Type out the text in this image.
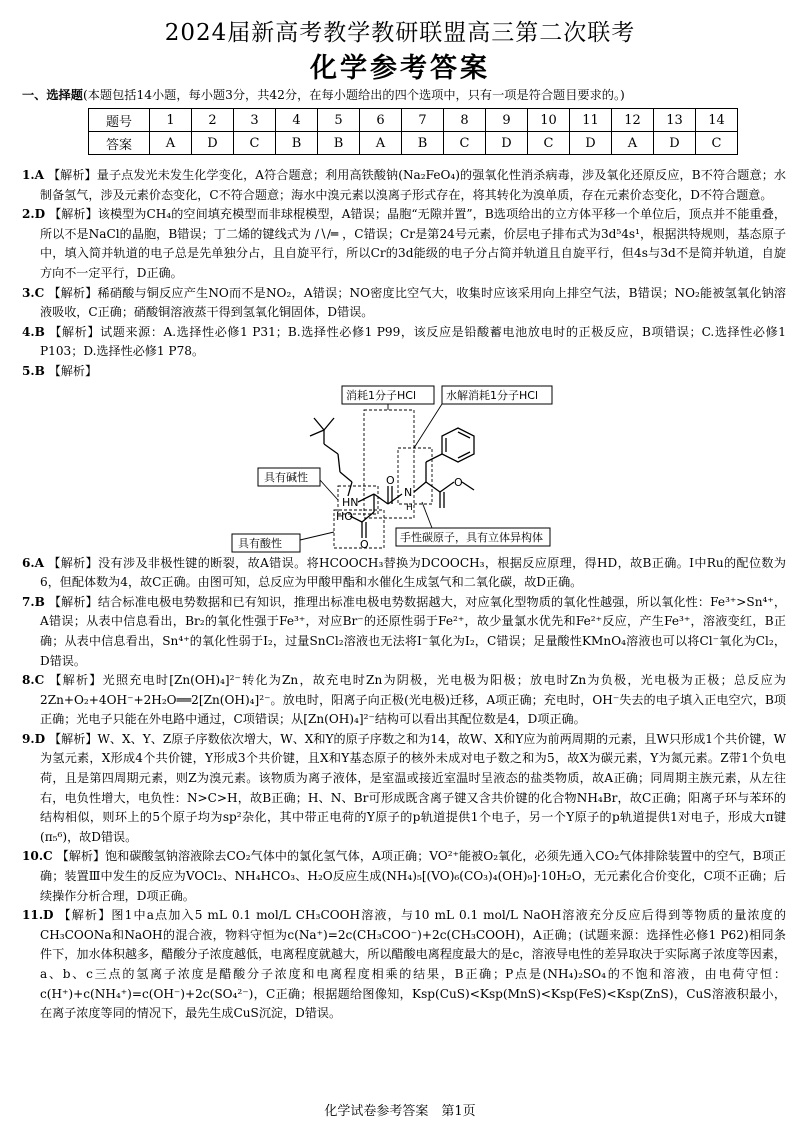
2024届新高考教学教研联盟高三第二次联考
化学参考答案
一、选择题(本题包括14小题，每小题3分，共42分，在每小题给出的四个选项中，只有一项是符合题目要求的。)
题号	1	2	3	4	5	6	7	8	9	10	11	12	13	14
答案	A	D	C	B	B	A	B	C	D	C	D	A	D	C

1.A 【解析】量子点发光未发生化学变化，A符合题意；利用高铁酸钠(Na₂FeO₄)的强氧化性消杀病毒，涉及氧化还原反应，B不符合题意；水制备氢气，涉及元素价态变化，C不符合题意；海水中溴元素以溴离子形式存在，将其转化为溴单质，存在元素价态变化，D不符合题意。

2.D 【解析】该模型为CH₄的空间填充模型而非球棍模型，A错误；晶胞“无隙并置”，B选项给出的立方体平移一个单位后，顶点并不能重叠，所以不是NaCl的晶胞，B错误；丁二烯的键线式为 ∕∖∕═ ，C错误；Cr是第24号元素，价层电子排布式为3d⁵4s¹，根据洪特规则，基态原子中，填入简并轨道的电子总是先单独分占，且自旋平行，所以Cr的3d能级的电子分占简并轨道且自旋平行，但4s与3d不是简并轨道，自旋方向不一定平行，D正确。

3.C 【解析】稀硝酸与铜反应产生NO而不是NO₂，A错误；NO密度比空气大，收集时应该采用向上排空气法，B错误；NO₂能被氢氧化钠溶液吸收，C正确；硝酸铜溶液蒸干得到氢氧化铜固体，D错误。

4.B 【解析】试题来源：A.选择性必修1 P31；B.选择性必修1 P99，该反应是铅酸蓄电池放电时的正极反应，B项错误；C.选择性必修1 P103；D.选择性必修1 P78。

5.B 【解析】

消耗1分子HCl	水解消耗1分子HCl
具有碱性
具有酸性	手性碳原子，具有立体异构体
HN
N
H
O	O
O
HO

6.A 【解析】没有涉及非极性键的断裂，故A错误。将HCOOCH₃替换为DCOOCH₃，根据反应原理，得HD，故B正确。Ⅰ中Ru的配位数为6，但配体数为4，故C正确。由图可知，总反应为甲酸甲酯和水催化生成氢气和二氧化碳，故D正确。

7.B 【解析】结合标准电极电势数据和已有知识，推理出标准电极电势数据越大，对应氧化型物质的氧化性越强，所以氧化性：Fe³⁺>Sn⁴⁺，A错误；从表中信息看出，Br₂的氧化性强于Fe³⁺，对应Br⁻的还原性弱于Fe²⁺，故少量氯水优先和Fe²⁺反应，产生Fe³⁺，溶液变红，B正确；从表中信息看出，Sn⁴⁺的氧化性弱于I₂，过量SnCl₂溶液也无法将I⁻氧化为I₂，C错误；足量酸性KMnO₄溶液也可以将Cl⁻氧化为Cl₂，D错误。

8.C 【解析】光照充电时[Zn(OH)₄]²⁻转化为Zn，故充电时Zn为阴极，光电极为阳极；放电时Zn为负极，光电极为正极；总反应为2Zn+O₂+4OH⁻+2H₂O══2[Zn(OH)₄]²⁻。放电时，阳离子向正极(光电极)迁移，A项正确；充电时，OH⁻失去的电子填入正电空穴，B项正确；光电子只能在外电路中通过，C项错误；从[Zn(OH)₄]²⁻结构可以看出其配位数是4，D项正确。

9.D 【解析】W、X、Y、Z原子序数依次增大，W、X和Y的原子序数之和为14，故W、X和Y应为前两周期的元素，且W只形成1个共价键，W为氢元素，X形成4个共价键，Y形成3个共价键，且X和Y基态原子的核外未成对电子数之和为5，故X为碳元素，Y为氮元素。Z带1个负电荷，且是第四周期元素，则Z为溴元素。该物质为离子液体，是室温或接近室温时呈液态的盐类物质，故A正确；同周期主族元素，从左往右，电负性增大，电负性：N>C>H，故B正确；H、N、Br可形成既含离子键又含共价键的化合物NH₄Br，故C正确；阳离子环与苯环的结构相似，则环上的5个原子均为sp²杂化，其中带正电荷的Y原子的p轨道提供1个电子，另一个Y原子的p轨道提供1对电子，形成大π键(π₅⁶)，故D错误。

10.C 【解析】饱和碳酸氢钠溶液除去CO₂气体中的氯化氢气体，A项正确；VO²⁺能被O₂氧化，必须先通入CO₂气体排除装置中的空气，B项正确；装置Ⅲ中发生的反应为VOCl₂、NH₄HCO₃、H₂O反应生成(NH₄)₅[(VO)₆(CO₃)₄(OH)₉]·10H₂O，无元素化合价变化，C项不正确；后续操作分析合理，D项正确。

11.D 【解析】图1中a点加入5 mL 0.1 mol/L CH₃COOH溶液，与10 mL 0.1 mol/L NaOH溶液充分反应后得到等物质的量浓度的CH₃COONa和NaOH的混合液，物料守恒为c(Na⁺)=2c(CH₃COO⁻)+2c(CH₃COOH)，A正确；(试题来源：选择性必修1 P62)相同条件下，加水体积越多，醋酸分子浓度越低，电离程度就越大，所以醋酸电离程度最大的是c，溶液导电性的差异取决于实际离子浓度等因素，a、b、c三点的氢离子浓度是醋酸分子浓度和电离程度相乘的结果，B正确；P点是(NH₄)₂SO₄的不饱和溶液，由电荷守恒：c(H⁺)+c(NH₄⁺)=c(OH⁻)+2c(SO₄²⁻)，C正确；根据题给图像知，Ksp(CuS)<Ksp(MnS)<Ksp(FeS)<Ksp(ZnS)，CuS溶液积最小，在离子浓度等同的情况下，最先生成CuS沉淀，D错误。

化学试卷参考答案　第1页
